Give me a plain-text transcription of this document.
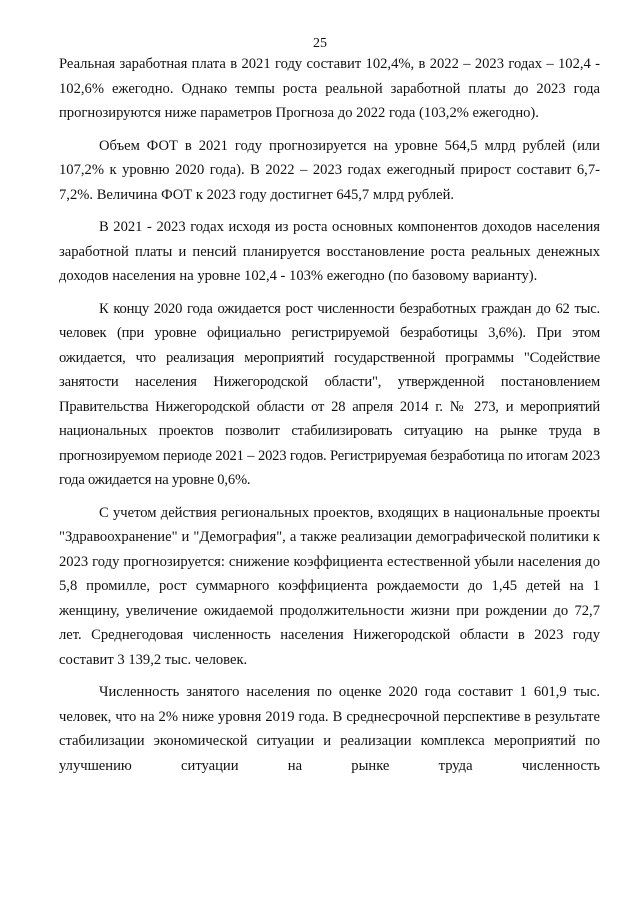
25

Реальная заработная плата в 2021 году составит 102,4%, в 2022 – 2023 годах – 102,4 - 102,6% ежегодно. Однако темпы роста реальной заработной платы до 2023 года прогнозируются ниже параметров Прогноза до 2022 года (103,2% ежегодно).

Объем ФОТ в 2021 году прогнозируется на уровне 564,5 млрд рублей (или 107,2% к уровню 2020 года). В 2022 – 2023 годах ежегодный прирост составит 6,7-7,2%. Величина ФОТ к 2023 году достигнет 645,7 млрд рублей.

В 2021 - 2023 годах исходя из роста основных компонентов доходов населения заработной платы и пенсий планируется восстановление роста реальных денежных доходов населения на уровне 102,4 - 103% ежегодно (по базовому варианту).

К концу 2020 года ожидается рост численности безработных граждан до 62 тыс. человек (при уровне официально регистрируемой безработицы 3,6%). При этом ожидается, что реализация мероприятий государственной программы "Содействие занятости населения Нижегородской области", утвержденной постановлением Правительства Нижегородской области от 28 апреля 2014 г. № 273, и мероприятий национальных проектов позволит стабилизировать ситуацию на рынке труда в прогнозируемом периоде 2021 – 2023 годов. Регистрируемая безработица по итогам 2023 года ожидается на уровне 0,6%.

С учетом действия региональных проектов, входящих в национальные проекты "Здравоохранение" и "Демография", а также реализации демографической политики к 2023 году прогнозируется: снижение коэффициента естественной убыли населения до 5,8 промилле, рост суммарного коэффициента рождаемости до 1,45 детей на 1 женщину, увеличение ожидаемой продолжительности жизни при рождении до 72,7 лет. Среднегодовая численность населения Нижегородской области в 2023 году составит 3 139,2 тыс. человек.

Численность занятого населения по оценке 2020 года составит 1 601,9 тыс. человек, что на 2% ниже уровня 2019 года. В среднесрочной перспективе в результате стабилизации экономической ситуации и реализации комплекса мероприятий по улучшению ситуации на рынке труда численность
